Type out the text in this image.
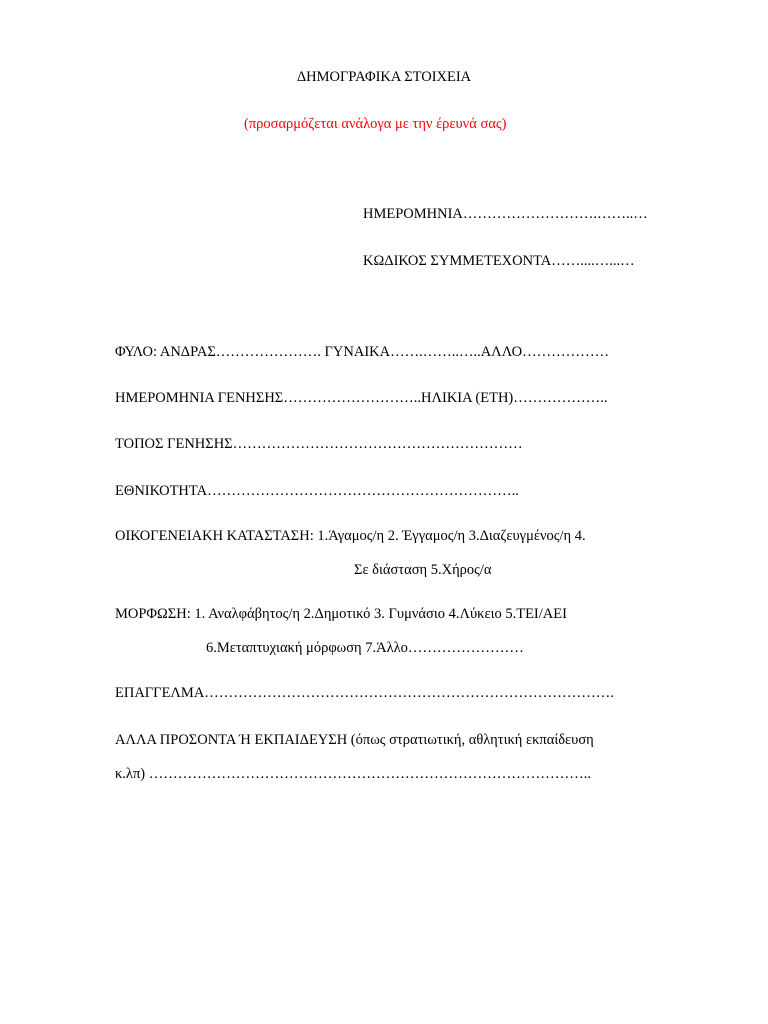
ΔΗΜΟΓΡΑΦΙΚΑ ΣΤΟΙΧΕΙΑ
(προσαρμόζεται ανάλογα με την έρευνά σας)
ΗΜΕΡΟΜΗΝΙΑ……………………….……..…
ΚΩΔΙΚΟΣ ΣΥΜΜΕΤΕΧΟΝΤΑ……....…...…
ΦΥΛΟ: ΑΝΔΡΑΣ…………………. ΓΥΝΑΙΚΑ…….……..…..ΑΛΛΟ………………
ΗΜΕΡΟΜΗΝΙΑ ΓΕΝΗΣΗΣ………………………..ΗΛΙΚΙΑ (ΕΤΗ)………………..
ΤΟΠΟΣ ΓΕΝΗΣΗΣ……………………………………………………
ΕΘΝΙΚΟΤΗΤΑ………………………………………………………..
ΟΙΚΟΓΕΝΕΙΑΚΗ ΚΑΤΑΣΤΑΣΗ: 1.Άγαμος/η 2. Έγγαμος/η 3.Διαζευγμένος/η 4.
Σε διάσταση 5.Χήρος/α
ΜΟΡΦΩΣΗ: 1. Αναλφάβητος/η 2.Δημοτικό 3. Γυμνάσιο 4.Λύκειο 5.ΤΕΙ/ΑΕΙ
6.Μεταπτυχιακή μόρφωση 7.Άλλο……………………
ΕΠΑΓΓΕΛΜΑ………………………………………………………………………….
ΑΛΛΑ ΠΡΟΣΟΝΤΑ Ή ΕΚΠΑΙΔΕΥΣΗ (όπως στρατιωτική, αθλητική εκπαίδευση
κ.λπ) ………………………………………………………………………………..
